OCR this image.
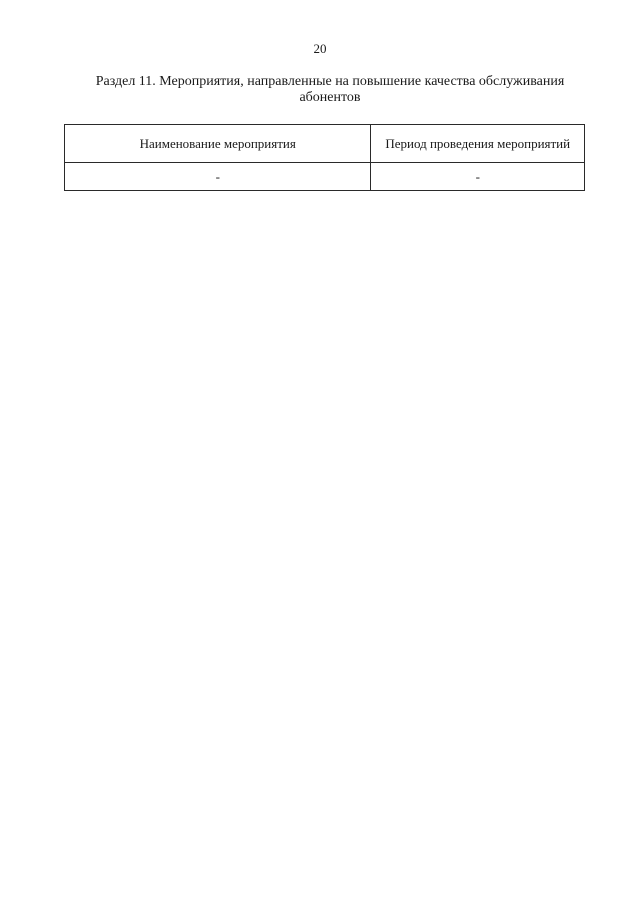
20
Раздел 11. Мероприятия, направленные на повышение качества обслуживания абонентов
Наименование мероприятия	Период проведения мероприятий
-	-
